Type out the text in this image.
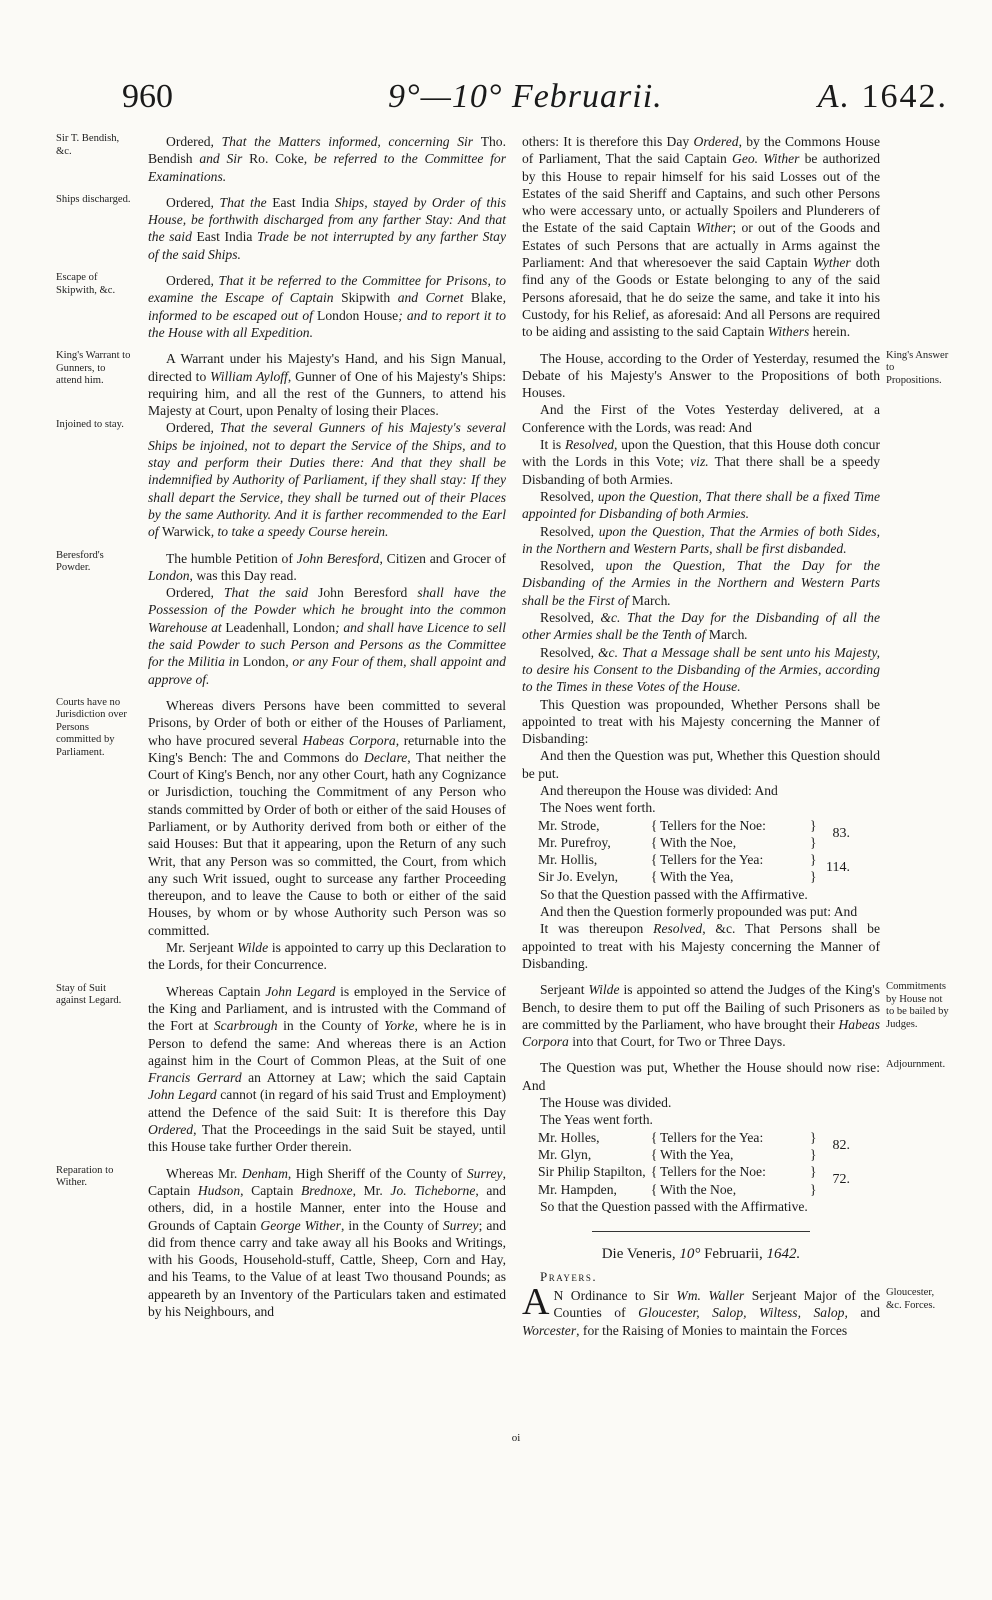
960	9°—10° Februarii.	A. 1642.

Sir T. Bendish, &c.
Ordered, That the Matters informed, concerning Sir Tho. Bendish and Sir Ro. Coke, be referred to the Committee for Examinations.

Ships discharged.	Ordered, That the East India Ships, stayed by Order of this House, be forthwith discharged from any farther Stay: And that the said East India Trade be not interrupted by any farther Stay of the said Ships.

Escape of Skipwith, &c.
Ordered, That it be referred to the Committee for Prisons, to examine the Escape of Captain Skipwith and Cornet Blake, informed to be escaped out of London House; and to report it to the House with all Expedition.

King's Warrant to Gunners, to attend him.
A Warrant under his Majesty's Hand, and his Sign Manual, directed to William Ayloff, Gunner of One of his Majesty's Ships: requiring him, and all the rest of the Gunners, to attend his Majesty at Court, upon Penalty of losing their Places.

Injoined to stay.	Ordered, That the several Gunners of his Majesty's several Ships be injoined, not to depart the Service of the Ships, and to stay and perform their Duties there: And that they shall be indemnified by Authority of Parliament, if they shall stay: If they shall depart the Service, they shall be turned out of their Places by the same Authority. And it is farther recommended to the Earl of Warwick, to take a speedy Course herein.

Beresford's Powder.
The humble Petition of John Beresford, Citizen and Grocer of London, was this Day read.

Ordered, That the said John Beresford shall have the Possession of the Powder which he brought into the common Warehouse at Leadenhall, London; and shall have Licence to sell the said Powder to such Person and Persons as the Committee for the Militia in London, or any Four of them, shall appoint and approve of.

Courts have no Jurisdiction over Persons committed by Parliament.
Whereas divers Persons have been committed to several Prisons, by Order of both or either of the Houses of Parliament, who have procured several Habeas Corpora, returnable into the King's Bench: The and Commons do Declare, That neither the Court of King's Bench, nor any other Court, hath any Cognizance or Jurisdiction, touching the Commitment of any Person who stands committed by Order of both or either of the said Houses of Parliament, or by Authority derived from both or either of the said Houses: But that it appearing, upon the Return of any such Writ, that any Person was so committed, the Court, from which any such Writ issued, ought to surcease any farther Proceeding thereupon, and to leave the Cause to both or either of the said Houses, by whom or by whose Authority such Person was so committed.

Mr. Serjeant Wilde is appointed to carry up this Declaration to the Lords, for their Concurrence.

Stay of Suit against Legard.
Whereas Captain John Legard is employed in the Service of the King and Parliament, and is intrusted with the Command of the Fort at Scarbrough in the County of Yorke, where he is in Person to defend the same: And whereas there is an Action against him in the Court of Common Pleas, at the Suit of one Francis Gerrard an Attorney at Law; which the said Captain John Legard cannot (in regard of his said Trust and Employment) attend the Defence of the said Suit: It is therefore this Day Ordered, That the Proceedings in the said Suit be stayed, until this House take further Order therein.

Reparation to Wither.
Whereas Mr. Denham, High Sheriff of the County of Surrey, Captain Hudson, Captain Brednoxe, Mr. Jo. Ticheborne, and others, did, in a hostile Manner, enter into the House and Grounds of Captain George Wither, in the County of Surrey; and did from thence carry and take away all his Books and Writings, with his Goods, Household-stuff, Cattle, Sheep, Corn and Hay, and his Teams, to the Value of at least Two thousand Pounds; as appeareth by an Inventory of the Particulars taken and estimated by his Neighbours, and

others: It is therefore this Day Ordered, by the Commons House of Parliament, That the said Captain Geo. Wither be authorized by this House to repair himself for his said Losses out of the Estates of the said Sheriff and Captains, and such other Persons who were accessary unto, or actually Spoilers and Plunderers of the Estate of the said Captain Wither; or out of the Goods and Estates of such Persons that are actually in Arms against the Parliament: And that wheresoever the said Captain Wyther doth find any of the Goods or Estate belonging to any of the said Persons aforesaid, that he do seize the same, and take it into his Custody, for his Relief, as aforesaid: And all Persons are required to be aiding and assisting to the said Captain Withers herein.

King's Answer to Propositions.
The House, according to the Order of Yesterday, resumed the Debate of his Majesty's Answer to the Propositions of both Houses.

And the First of the Votes Yesterday delivered, at a Conference with the Lords, was read: And

It is Resolved, upon the Question, that this House doth concur with the Lords in this Vote; viz. That there shall be a speedy Disbanding of both Armies.

Resolved, upon the Question, That there shall be a fixed Time appointed for Disbanding of both Armies.

Resolved, upon the Question, That the Armies of both Sides, in the Northern and Western Parts, shall be first disbanded.

Resolved, upon the Question, That the Day for the Disbanding of the Armies in the Northern and Western Parts shall be the First of March.

Resolved, &c. That the Day for the Disbanding of all the other Armies shall be the Tenth of March.

Resolved, &c. That a Message shall be sent unto his Majesty, to desire his Consent to the Disbanding of the Armies, according to the Times in these Votes of the House.

This Question was propounded, Whether Persons shall be appointed to treat with his Majesty concerning the Manner of Disbanding:

And then the Question was put, Whether this Question should be put.

And thereupon the House was divided: And

The Noes went forth.

Mr. Strode,	{ Tellers for the Noe:	}
Mr. Purefroy,	{ With the Noe,	}
83.
Mr. Hollis,	{ Tellers for the Yea:	}
Sir Jo. Evelyn,	{ With the Yea,	}
114.

So that the Question passed with the Affirmative.

And then the Question formerly propounded was put: And

It was thereupon Resolved, &c. That Persons shall be appointed to treat with his Majesty concerning the Manner of Disbanding.

Commitments by House not to be bailed by Judges.
Serjeant Wilde is appointed so attend the Judges of the King's Bench, to desire them to put off the Bailing of such Prisoners as are committed by the Parliament, who have brought their Habeas Corpora into that Court, for Two or Three Days.

Adjournment.
The Question was put, Whether the House should now rise: And

The House was divided.

The Yeas went forth.

Mr. Holles,	{ Tellers for the Yea:	}
Mr. Glyn,	{ With the Yea,	}
82.
Sir Philip Stapilton, { Tellers for the Noe:	}
Mr. Hampden,	{ With the Noe,	}
72.

So that the Question passed with the Affirmative.

Die Veneris, 10° Februarii, 1642.

Prayers.

A N Ordinance to Sir Wm. Waller Serjeant Major of the Counties of Gloucester, Salop, Wiltess, Salop, and Worcester, for the Raising of Monies to maintain the Forces
Gloucester, &c. Forces.

oi
